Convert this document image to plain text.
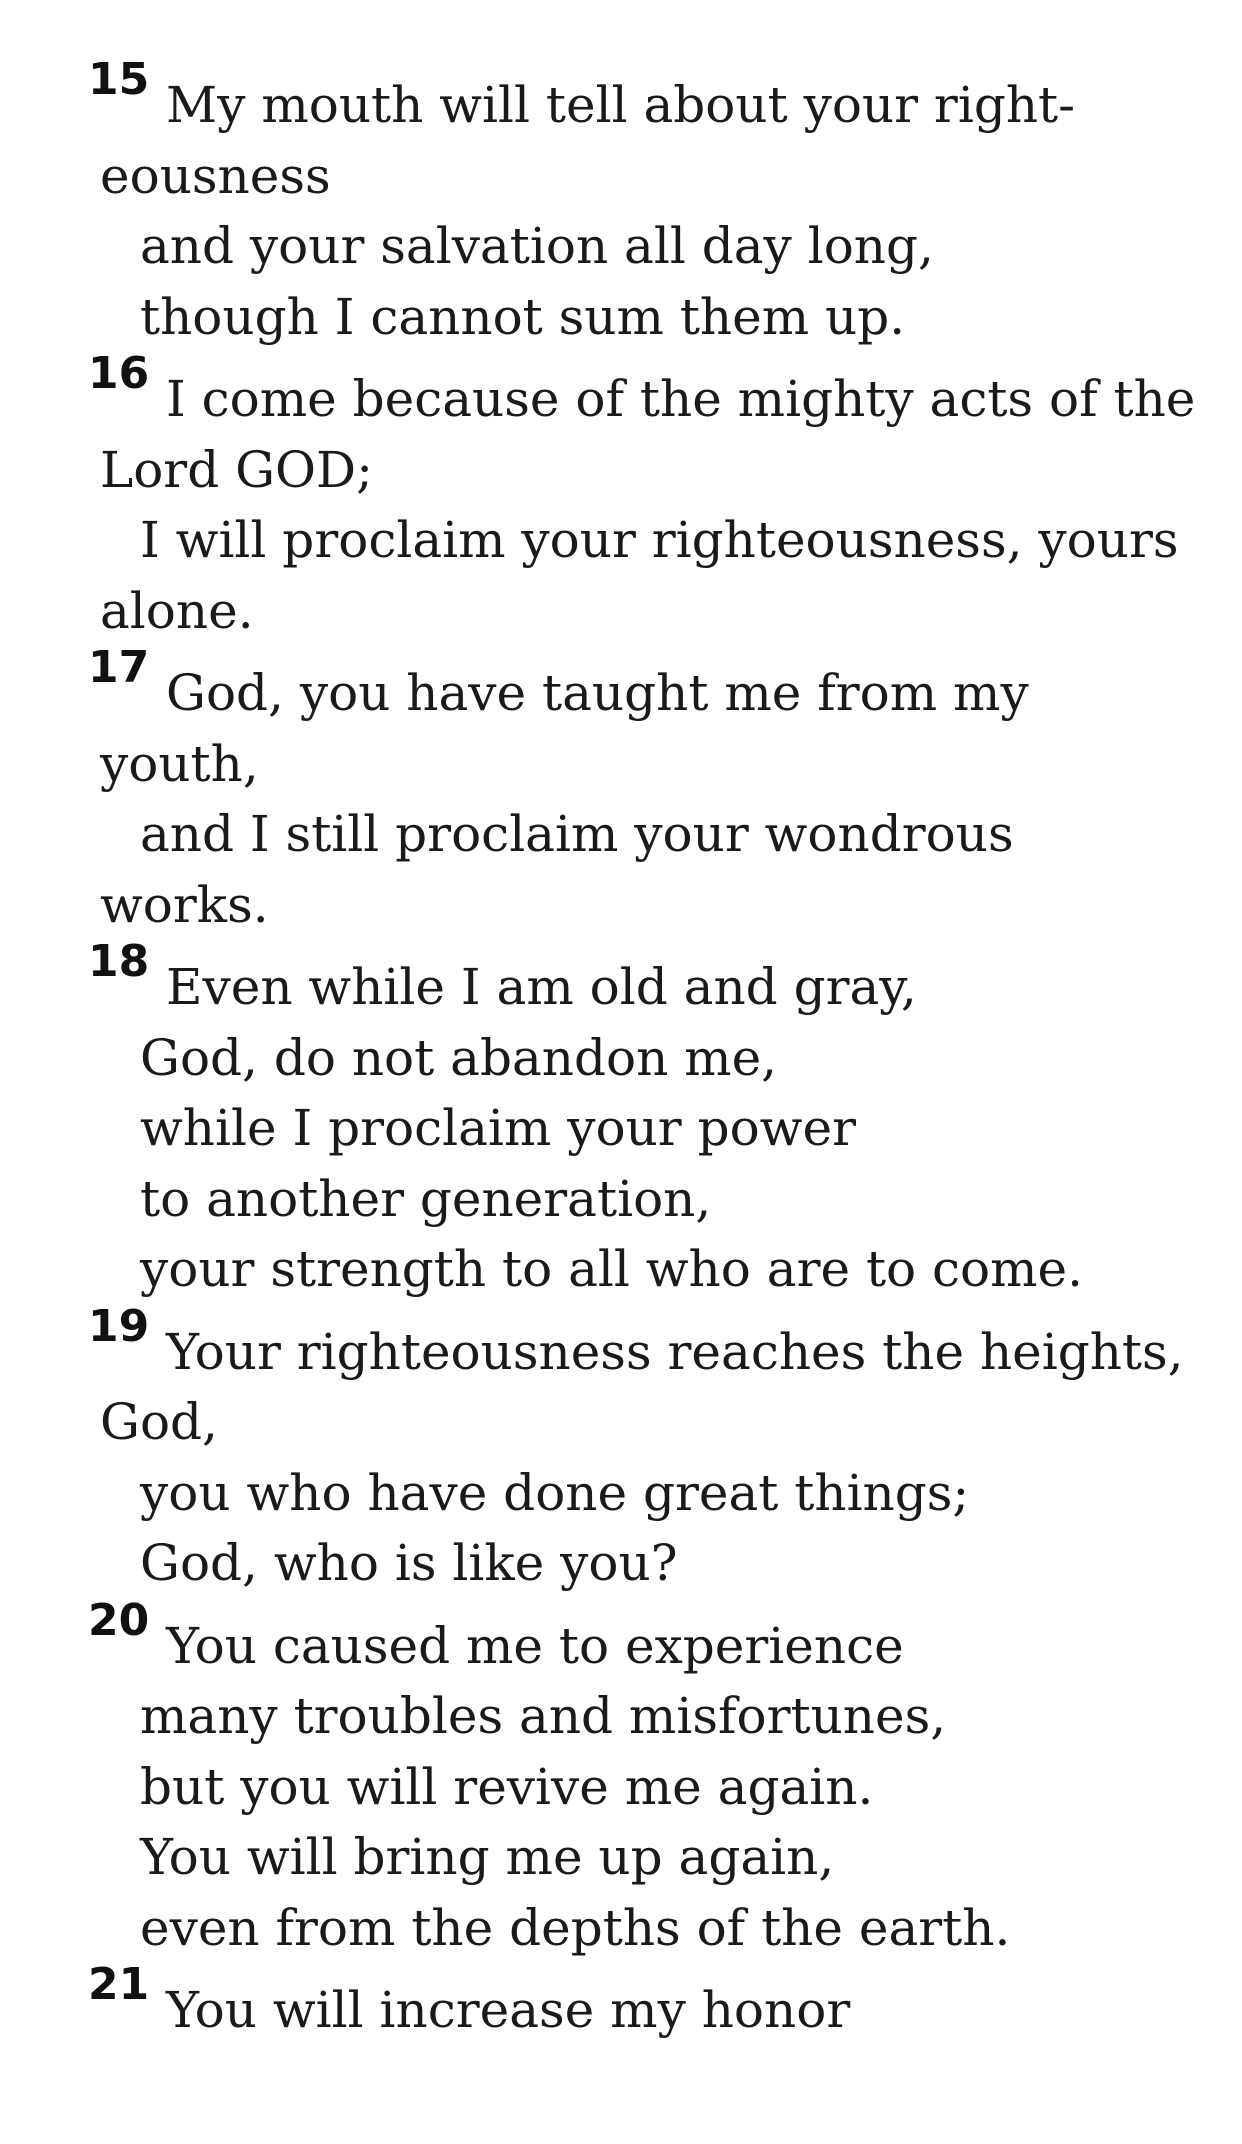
15 My mouth will tell about your right-
eousness
and your salvation all day long,
though I cannot sum them up.
16 I come because of the mighty acts of the
Lord GOD;
I will proclaim your righteousness, yours
alone.
17 God, you have taught me from my
youth,
and I still proclaim your wondrous
works.
18 Even while I am old and gray,
God, do not abandon me,
while I proclaim your power
to another generation,
your strength to all who are to come.
19 Your righteousness reaches the heights,
God,
you who have done great things;
God, who is like you?
20 You caused me to experience
many troubles and misfortunes,
but you will revive me again.
You will bring me up again,
even from the depths of the earth.
21 You will increase my honor
